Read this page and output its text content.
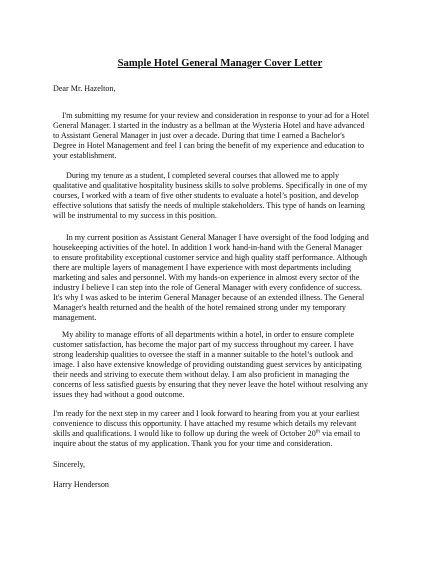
Sample Hotel General Manager Cover Letter
Dear Mr. Hazelton,
I'm submitting my resume for your review and consideration in response to your ad for a Hotel
General Manager. I started in the industry as a bellman at the Wysteria Hotel and have advanced
to Assistant General Manager in just over a decade. During that time I earned a Bachelor's
Degree in Hotel Management and feel I can bring the benefit of my experience and education to
your establishment.
During my tenure as a student, I completed several courses that allowed me to apply
qualitative and qualitative hospitality business skills to solve problems. Specifically in one of my
courses, I worked with a team of five other students to evaluate a hotel’s position, and develop
effective solutions that satisfy the needs of multiple stakeholders. This type of hands on learning
will be instrumental to my success in this position.
In my current position as Assistant General Manager I have oversight of the food lodging and
housekeeping activities of the hotel. In addition I work hand-in-hand with the General Manager
to ensure profitability exceptional customer service and high quality staff performance. Although
there are multiple layers of management I have experience with most departments including
marketing and sales and personnel. With my hands-on experience in almost every sector of the
industry I believe I can step into the role of General Manager with every confidence of success.
It's why I was asked to be interim General Manager because of an extended illness. The General
Manager's health returned and the health of the hotel remained strong under my temporary
management.
My ability to manage efforts of all departments within a hotel, in order to ensure complete
customer satisfaction, has become the major part of my success throughout my career. I have
strong leadership qualities to oversee the staff in a manner suitable to the hotel’s outlook and
image. I also have extensive knowledge of providing outstanding guest services by anticipating
their needs and striving to execute them without delay. I am also proficient in managing the
concerns of less satisfied guests by ensuring that they never leave the hotel without resolving any
issues they had without a good outcome.
I'm ready for the next step in my career and I look forward to hearing from you at your earliest
convenience to discuss this opportunity. I have attached my resume which details my relevant
skills and qualifications. I would like to follow up during the week of October 20th via email to
inquire about the status of my application. Thank you for your time and consideration.
Sincerely,
Harry Henderson
